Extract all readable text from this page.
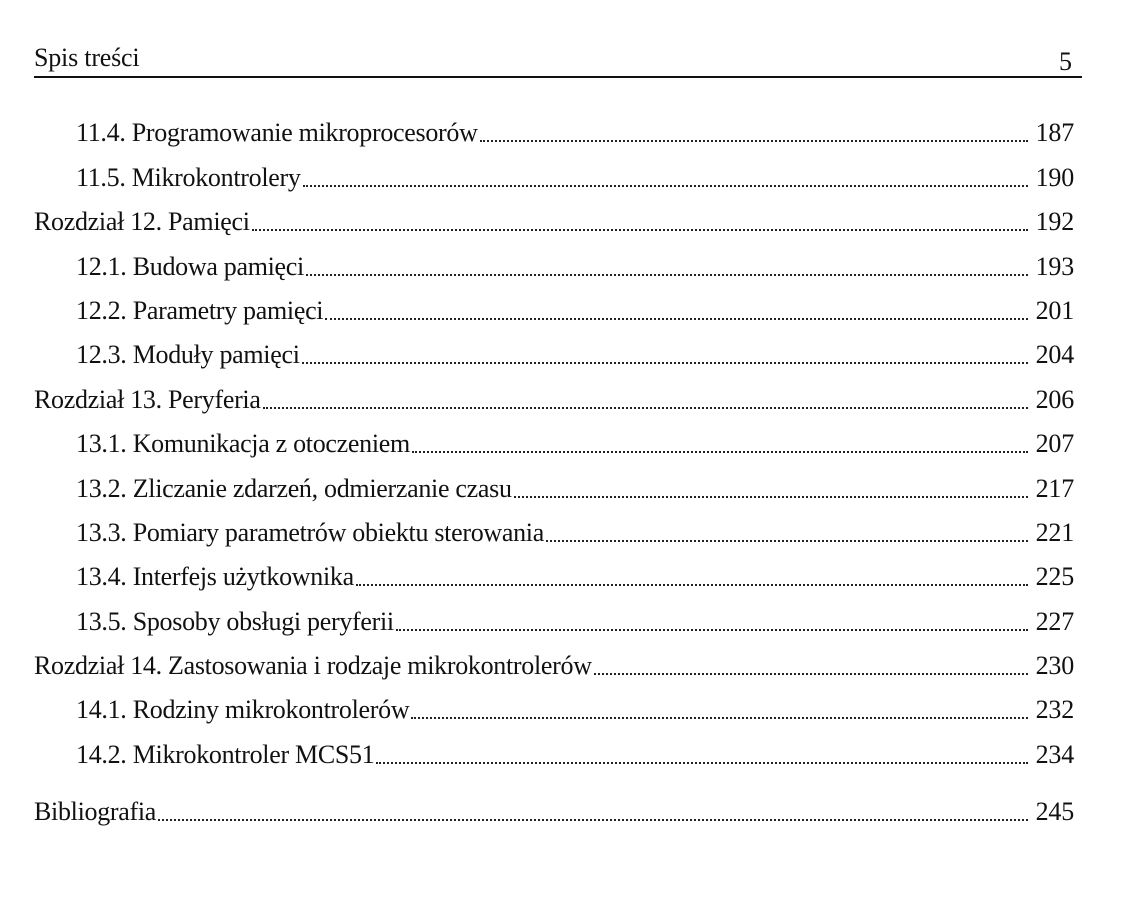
Spis treści	5
11.4. Programowanie mikroprocesorów	187
11.5. Mikrokontrolery	190
Rozdział 12. Pamięci	192
12.1. Budowa pamięci	193
12.2. Parametry pamięci	201
12.3. Moduły pamięci	204
Rozdział 13. Peryferia	206
13.1. Komunikacja z otoczeniem	207
13.2. Zliczanie zdarzeń, odmierzanie czasu	217
13.3. Pomiary parametrów obiektu sterowania	221
13.4. Interfejs użytkownika	225
13.5. Sposoby obsługi peryferii	227
Rozdział 14. Zastosowania i rodzaje mikrokontrolerów	230
14.1. Rodziny mikrokontrolerów	232
14.2. Mikrokontroler MCS51	234
Bibliografia	245
